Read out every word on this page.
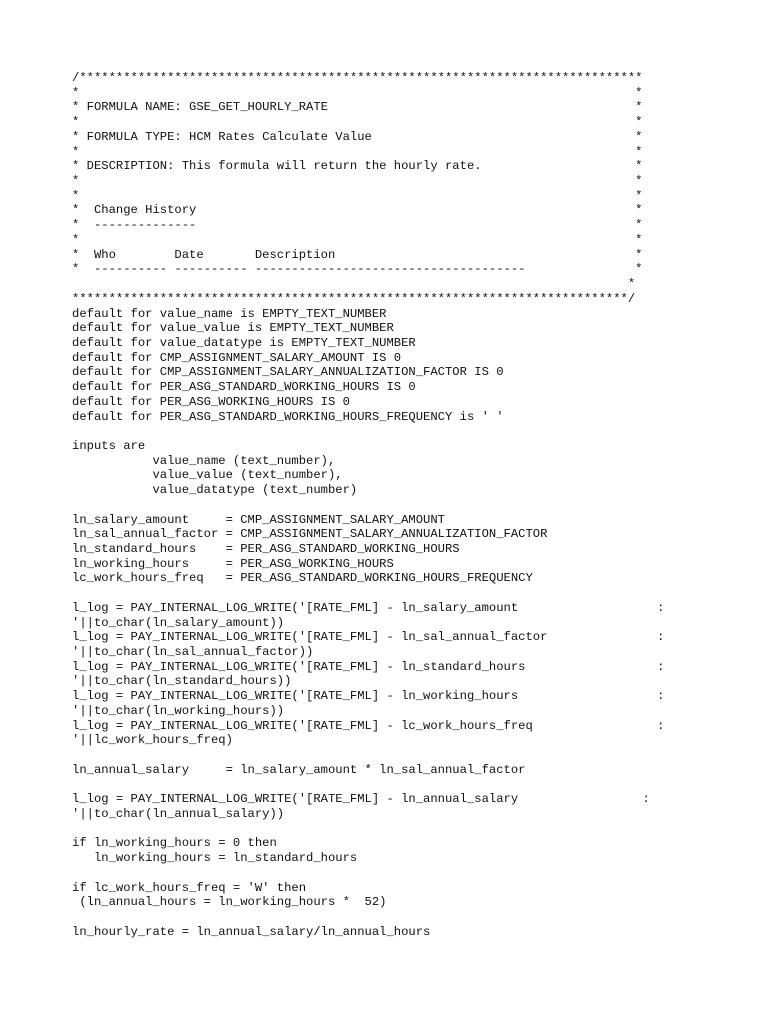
/*****************************************************************************
*                                                                            *
* FORMULA NAME: GSE_GET_HOURLY_RATE                                          *
*                                                                            *
* FORMULA TYPE: HCM Rates Calculate Value                                    *
*                                                                            *
* DESCRIPTION: This formula will return the hourly rate.                     *
*                                                                            *
*                                                                            *
*  Change History                                                            *
*  --------------                                                            *
*                                                                            *
*  Who        Date       Description                                         *
*  ---------- ---------- -------------------------------------               *
*
****************************************************************************/
default for value_name is EMPTY_TEXT_NUMBER
default for value_value is EMPTY_TEXT_NUMBER
default for value_datatype is EMPTY_TEXT_NUMBER
default for CMP_ASSIGNMENT_SALARY_AMOUNT IS 0
default for CMP_ASSIGNMENT_SALARY_ANNUALIZATION_FACTOR IS 0
default for PER_ASG_STANDARD_WORKING_HOURS IS 0
default for PER_ASG_WORKING_HOURS IS 0
default for PER_ASG_STANDARD_WORKING_HOURS_FREQUENCY is ' '
inputs are
value_name (text_number),
value_value (text_number),
value_datatype (text_number)
ln_salary_amount     = CMP_ASSIGNMENT_SALARY_AMOUNT
ln_sal_annual_factor = CMP_ASSIGNMENT_SALARY_ANNUALIZATION_FACTOR
ln_standard_hours    = PER_ASG_STANDARD_WORKING_HOURS
ln_working_hours     = PER_ASG_WORKING_HOURS
lc_work_hours_freq   = PER_ASG_STANDARD_WORKING_HOURS_FREQUENCY
l_log = PAY_INTERNAL_LOG_WRITE('[RATE_FML] - ln_salary_amount                   :
'||to_char(ln_salary_amount))
l_log = PAY_INTERNAL_LOG_WRITE('[RATE_FML] - ln_sal_annual_factor               :
'||to_char(ln_sal_annual_factor))
l_log = PAY_INTERNAL_LOG_WRITE('[RATE_FML] - ln_standard_hours                  :
'||to_char(ln_standard_hours))
l_log = PAY_INTERNAL_LOG_WRITE('[RATE_FML] - ln_working_hours                   :
'||to_char(ln_working_hours))
l_log = PAY_INTERNAL_LOG_WRITE('[RATE_FML] - lc_work_hours_freq                 :
'||lc_work_hours_freq)
ln_annual_salary     = ln_salary_amount * ln_sal_annual_factor
l_log = PAY_INTERNAL_LOG_WRITE('[RATE_FML] - ln_annual_salary                 :
'||to_char(ln_annual_salary))
if ln_working_hours = 0 then
ln_working_hours = ln_standard_hours
if lc_work_hours_freq = 'W' then
(ln_annual_hours = ln_working_hours *  52)
ln_hourly_rate = ln_annual_salary/ln_annual_hours
